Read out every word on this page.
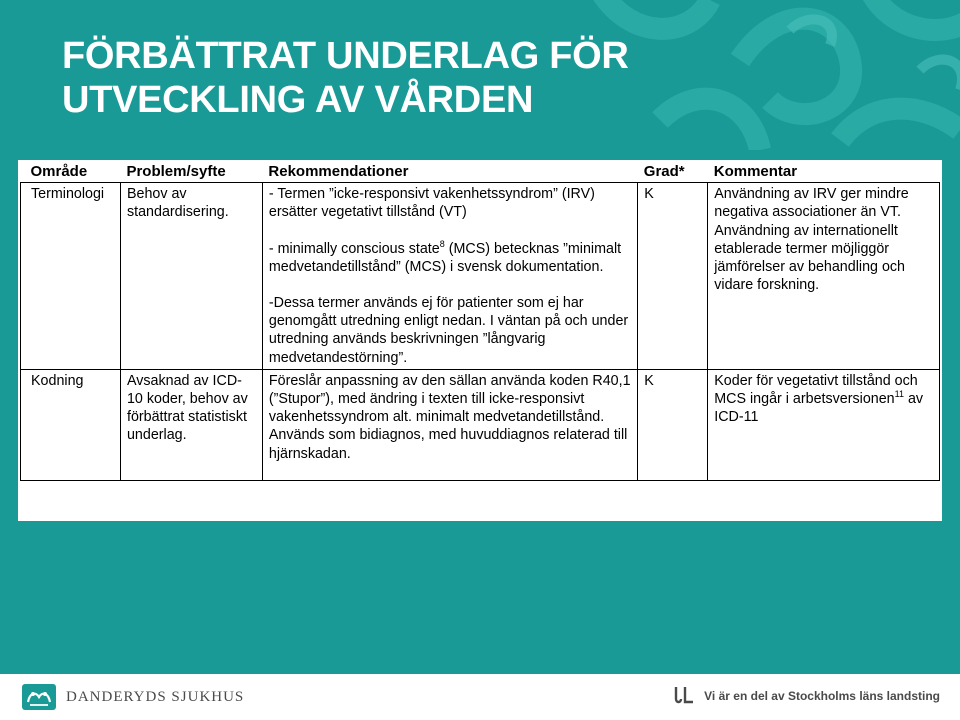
FÖRBÄTTRAT UNDERLAG FÖR
UTVECKLING AV VÅRDEN
Område	Problem/syfte	Rekommendationer	Grad*	Kommentar
Terminologi	Behov av standardisering.	- Termen ”icke-responsivt vakenhetssyndrom” (IRV) ersätter vegetativt tillstånd (VT)

- minimally conscious state$^8$ (MCS) betecknas ”minimalt medvetandetillstånd” (MCS) i svensk dokumentation.

-Dessa termer används ej för patienter som ej har genomgått utredning enligt nedan. I väntan på och under utredning används beskrivningen ”långvarig medvetandestörning”.	K	Användning av IRV ger mindre negativa associationer än VT. Användning av internationellt etablerade termer möjliggör jämförelser av behandling och vidare forskning.
Kodning	Avsaknad av ICD-10 koder, behov av förbättrat statistiskt underlag.	Föreslår anpassning av den sällan använda koden R40,1 (”Stupor”), med ändring i texten till icke-responsivt vakenhetssyndrom alt. minimalt medvetandetillstånd. Används som bidiagnos, med huvuddiagnos relaterad till hjärnskadan.	K	Koder för vegetativt tillstånd och MCS ingår i arbetsversionen$^{11}$ av ICD-11
DANDERYDS SJUKHUS	Vi är en del av Stockholms läns landsting
